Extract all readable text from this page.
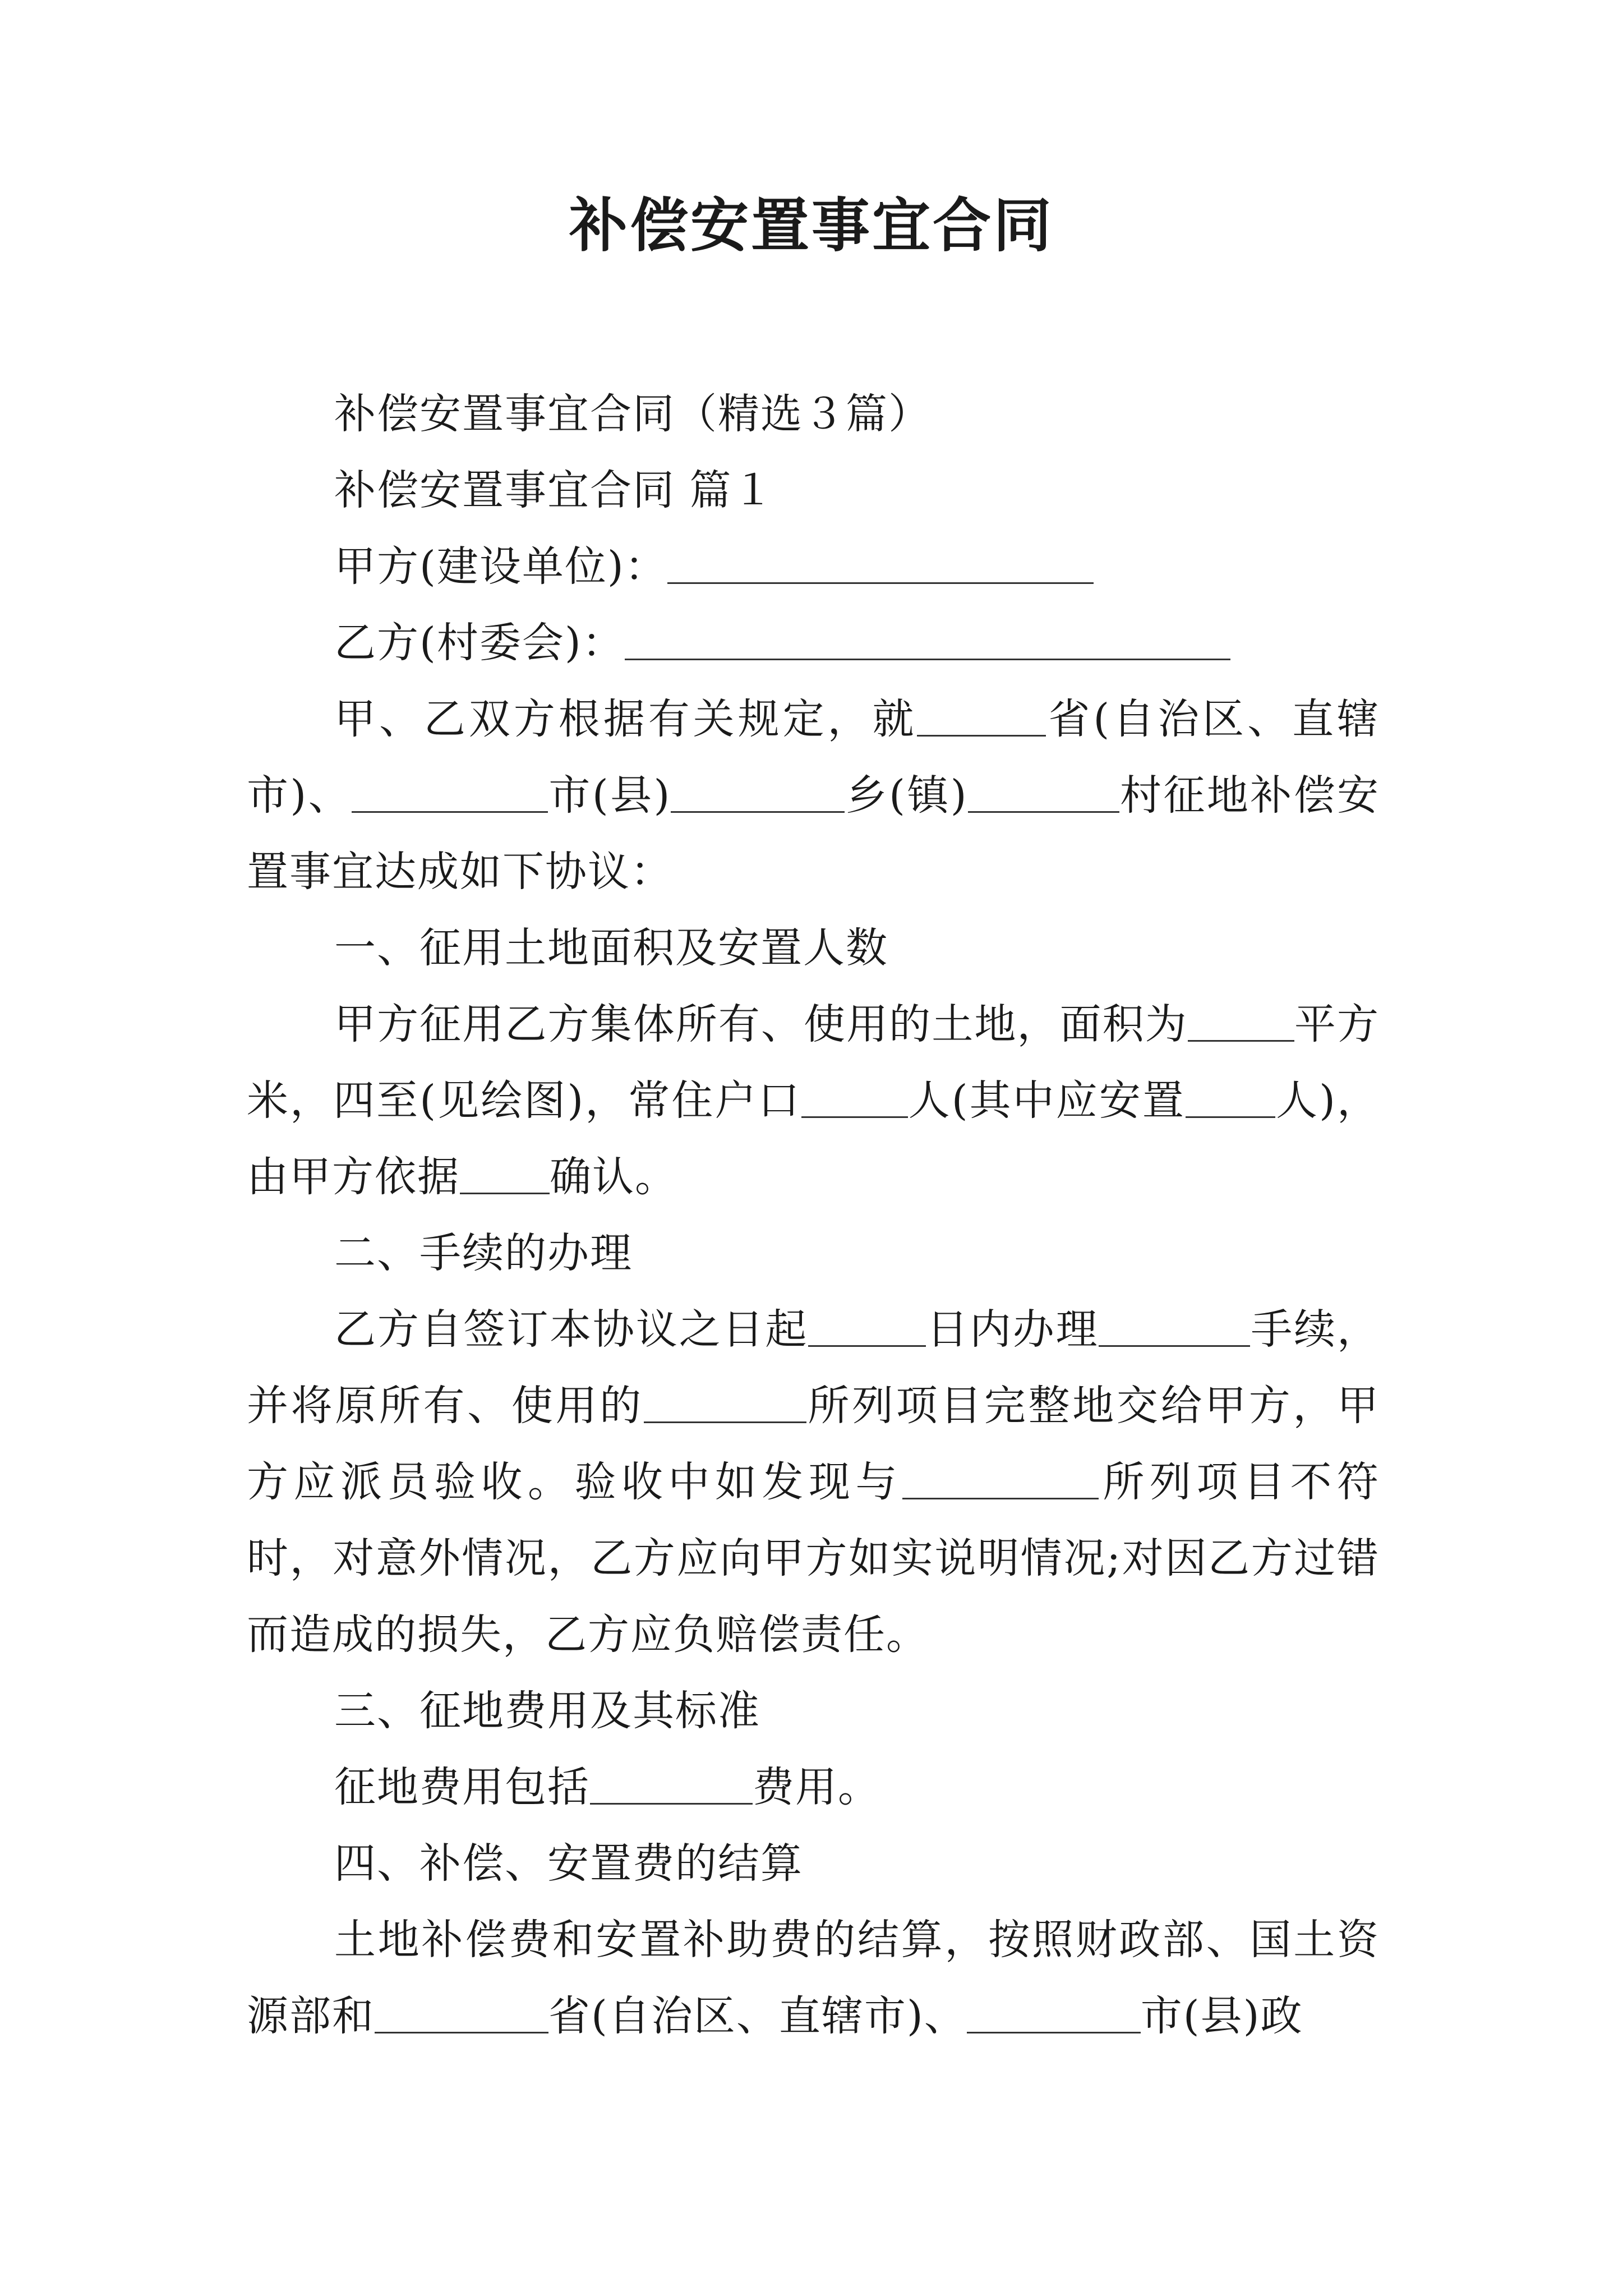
补偿安置事宜合同

补偿安置事宜合同（精选３篇）

补偿安置事宜合同 篇１

甲方(建设单位)：

乙方(村委会)：

甲、乙双方根据有关规定，就	省(自治区、直辖市)、	市(县)	乡(镇)	村征地补偿安置事宜达成如下协议：

一、征用土地面积及安置人数

甲方征用乙方集体所有、使用的土地，面积为	平方米，四至(见绘图)，常住户口	人(其中应安置 人)，由甲方依据 确认。

二、手续的办理

乙方自签订本协议之日起	日内办理	手续，并将原所有、使用的	所列项目完整地交给甲方，甲方应派员验收。验收中如发现与	所列项目不符时，对意外情况，乙方应向甲方如实说明情况;对因乙方过错而造成的损失，乙方应负赔偿责任。

三、征地费用及其标准

征地费用包括	费用。

四、补偿、安置费的结算

土地补偿费和安置补助费的结算，按照财政部、国土资源部和	省(自治区、直辖市)、	市(县)政
